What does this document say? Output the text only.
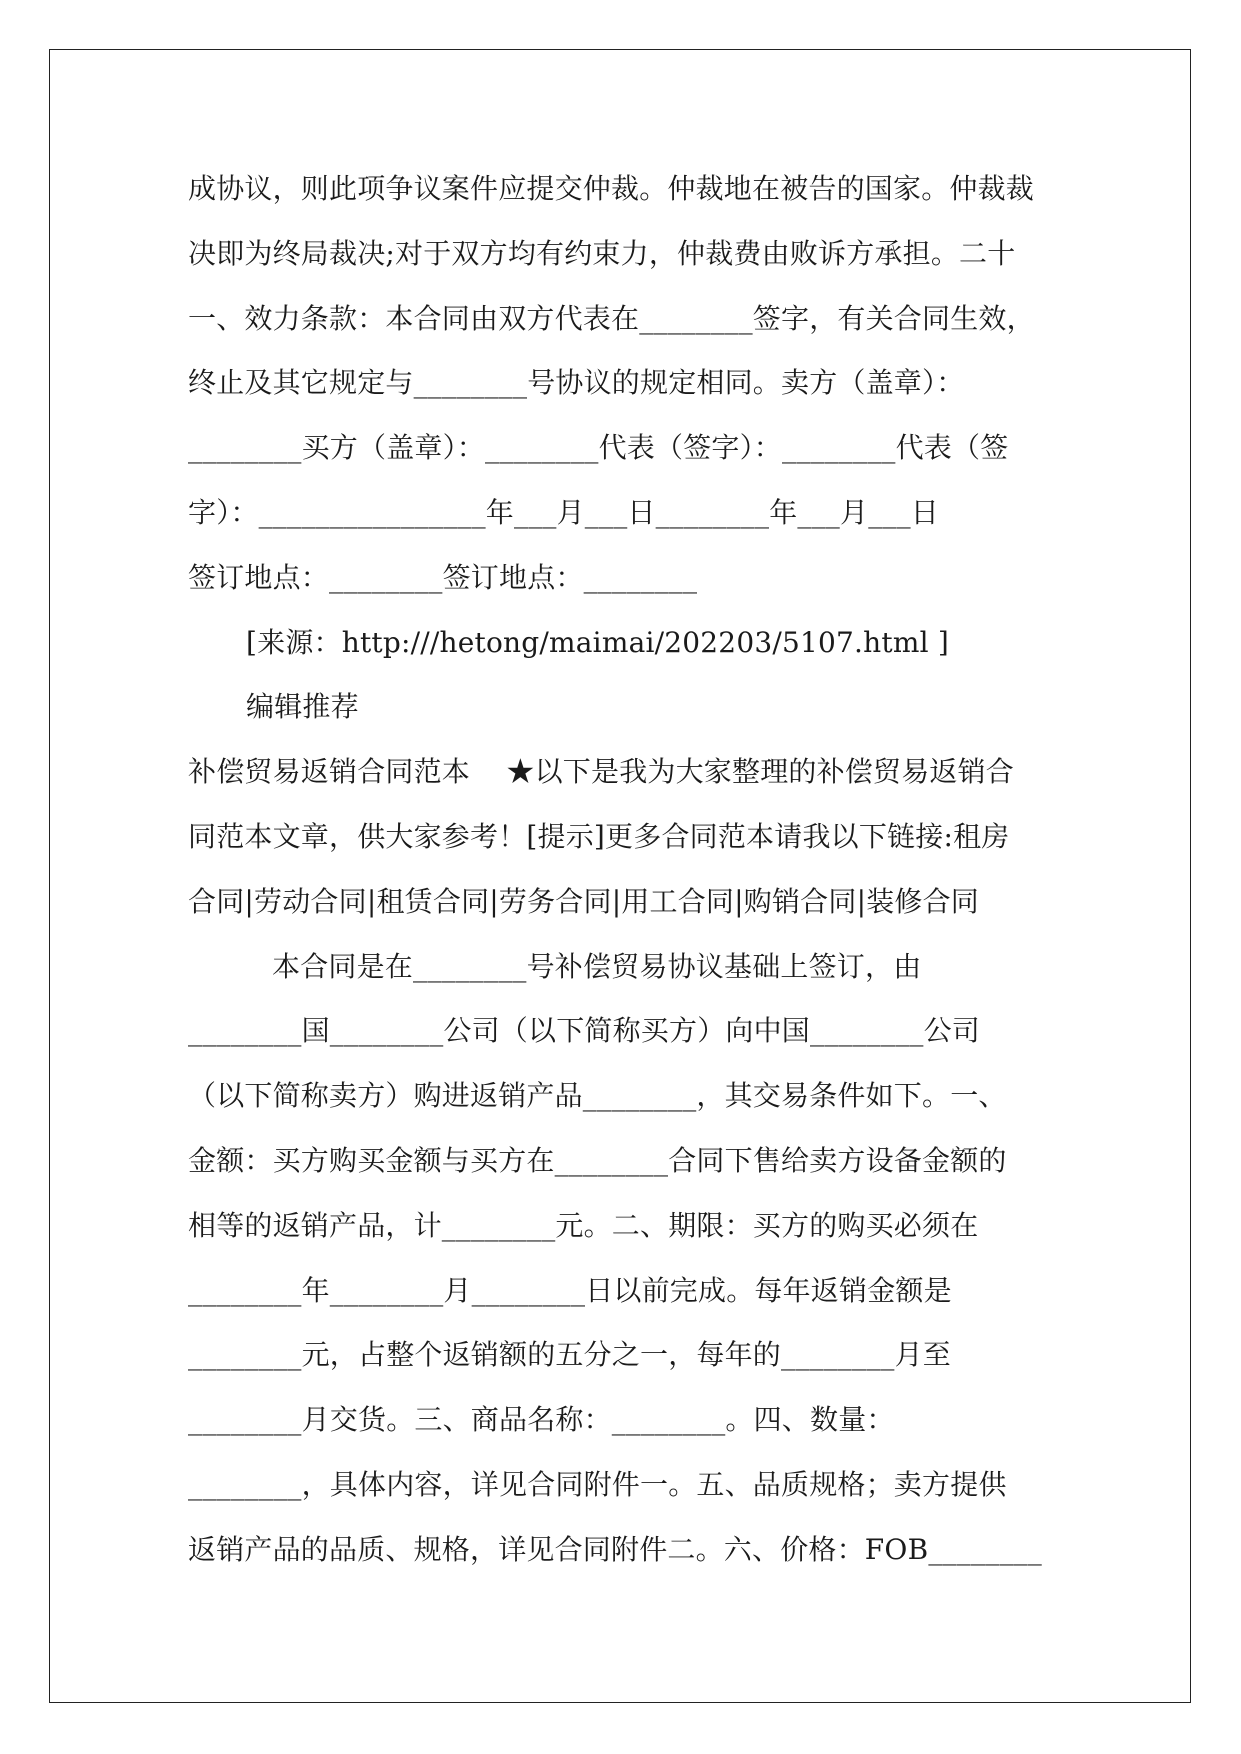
成协议，则此项争议案件应提交仲裁。仲裁地在被告的国家。仲裁裁
决即为终局裁决;对于双方均有约束力，仲裁费由败诉方承担。二十
一、效力条款：本合同由双方代表在________签字，有关合同生效，
终止及其它规定与________号协议的规定相同。卖方（盖章）：
________买方（盖章）：________代表（签字）：________代表（签
字）：________________年___月___日________年___月___日
签订地点：________签订地点：________
[来源：http:///hetong/maimai/202203/5107.html ]
编辑推荐
补偿贸易返销合同范本    ★以下是我为大家整理的补偿贸易返销合
同范本文章，供大家参考！[提示]更多合同范本请我以下链接:租房
合同|劳动合同|租赁合同|劳务合同|用工合同|购销合同|装修合同
本合同是在________号补偿贸易协议基础上签订，由
________国________公司（以下简称买方）向中国________公司
（以下简称卖方）购进返销产品________，其交易条件如下。一、
金额：买方购买金额与买方在________合同下售给卖方设备金额的
相等的返销产品，计________元。二、期限：买方的购买必须在
________年________月________日以前完成。每年返销金额是
________元，占整个返销额的五分之一，每年的________月至
________月交货。三、商品名称：________。四、数量：
________，具体内容，详见合同附件一。五、品质规格；卖方提供
返销产品的品质、规格，详见合同附件二。六、价格：FOB________
